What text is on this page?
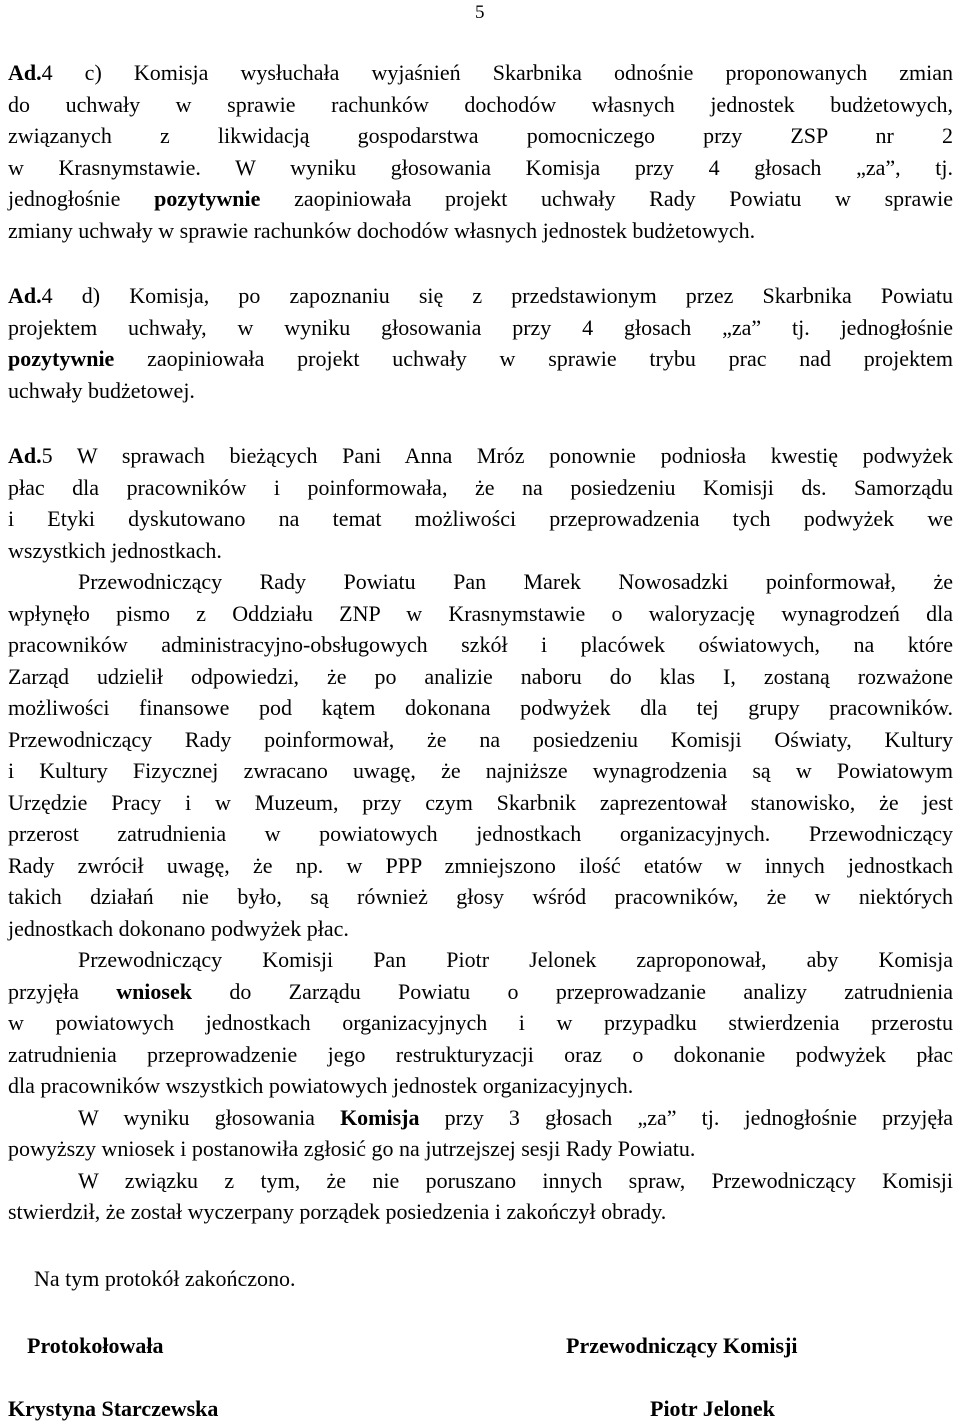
5
Ad.4 c) Komisja wysłuchała wyjaśnień Skarbnika odnośnie proponowanych zmian
do uchwały w sprawie rachunków dochodów własnych jednostek budżetowych,
związanych z likwidacją gospodarstwa pomocniczego przy ZSP nr 2
w Krasnymstawie. W wyniku głosowania Komisja przy 4 głosach „za”, tj.
jednogłośnie pozytywnie zaopiniowała projekt uchwały Rady Powiatu w sprawie
zmiany uchwały w sprawie rachunków dochodów własnych jednostek budżetowych.
Ad.4 d) Komisja, po zapoznaniu się z przedstawionym przez Skarbnika Powiatu
projektem uchwały, w wyniku głosowania przy 4 głosach „za” tj. jednogłośnie
pozytywnie zaopiniowała projekt uchwały w sprawie trybu prac nad projektem
uchwały budżetowej.
Ad.5 W sprawach bieżących Pani Anna Mróz ponownie podniosła kwestię podwyżek
płac dla pracowników i poinformowała, że na posiedzeniu Komisji ds. Samorządu
i Etyki dyskutowano na temat możliwości przeprowadzenia tych podwyżek we
wszystkich jednostkach.
Przewodniczący Rady Powiatu Pan Marek Nowosadzki poinformował, że
wpłynęło pismo z Oddziału ZNP w Krasnymstawie o waloryzację wynagrodzeń dla
pracowników administracyjno-obsługowych szkół i placówek oświatowych, na które
Zarząd udzielił odpowiedzi, że po analizie naboru do klas I, zostaną rozważone
możliwości finansowe pod kątem dokonana podwyżek dla tej grupy pracowników.
Przewodniczący Rady poinformował, że na posiedzeniu Komisji Oświaty, Kultury
i Kultury Fizycznej zwracano uwagę, że najniższe wynagrodzenia są w Powiatowym
Urzędzie Pracy i w Muzeum, przy czym Skarbnik zaprezentował stanowisko, że jest
przerost zatrudnienia w powiatowych jednostkach organizacyjnych. Przewodniczący
Rady zwrócił uwagę, że np. w PPP zmniejszono ilość etatów w innych jednostkach
takich działań nie było, są również głosy wśród pracowników, że w niektórych
jednostkach dokonano podwyżek płac.
Przewodniczący Komisji Pan Piotr Jelonek zaproponował, aby Komisja
przyjęła wniosek do Zarządu Powiatu o przeprowadzanie analizy zatrudnienia
w powiatowych jednostkach organizacyjnych i w przypadku stwierdzenia przerostu
zatrudnienia przeprowadzenie jego restrukturyzacji oraz o dokonanie podwyżek płac
dla pracowników wszystkich powiatowych jednostek organizacyjnych.
W wyniku głosowania Komisja przy 3 głosach „za” tj. jednogłośnie przyjęła
powyższy wniosek i postanowiła zgłosić go na jutrzejszej sesji Rady Powiatu.
W związku z tym, że nie poruszano innych spraw, Przewodniczący Komisji
stwierdził, że został wyczerpany porządek posiedzenia i zakończył obrady.
Na tym protokół zakończono.
Protokołowała	Przewodniczący Komisji
Krystyna Starczewska	Piotr Jelonek
